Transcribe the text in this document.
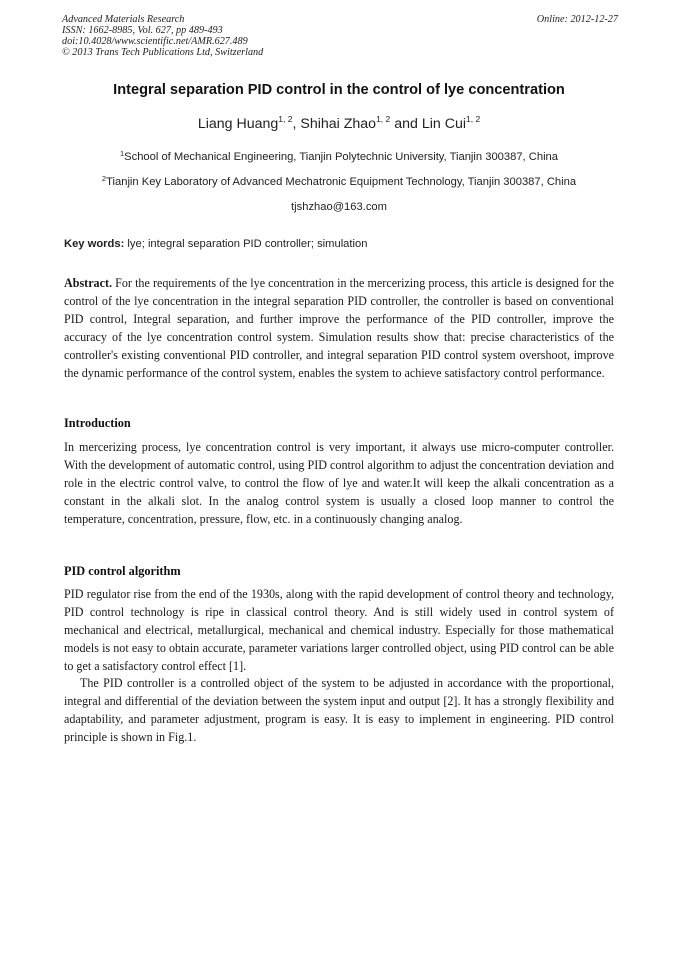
Advanced Materials Research
ISSN: 1662-8985, Vol. 627, pp 489-493
doi:10.4028/www.scientific.net/AMR.627.489
© 2013 Trans Tech Publications Ltd, Switzerland
Online: 2012-12-27
Integral separation PID control in the control of lye concentration
Liang Huang$^{1, 2}$, Shihai Zhao$^{1, 2}$ and Lin Cui$^{1, 2}$
$^1$School of Mechanical Engineering, Tianjin Polytechnic University, Tianjin 300387, China
$^2$Tianjin Key Laboratory of Advanced Mechatronic Equipment Technology, Tianjin 300387, China
tjshzhao@163.com
Key words: lye; integral separation PID controller; simulation
Abstract. For the requirements of the lye concentration in the mercerizing process, this article is designed for the control of the lye concentration in the integral separation PID controller, the controller is based on conventional PID control, Integral separation, and further improve the performance of the PID controller, improve the accuracy of the lye concentration control system. Simulation results show that: precise characteristics of the controller's existing conventional PID controller, and integral separation PID control system overshoot, improve the dynamic performance of the control system, enables the system to achieve satisfactory control performance.
Introduction
In mercerizing process, lye concentration control is very important, it always use micro-computer controller. With the development of automatic control, using PID control algorithm to adjust the concentration deviation and role in the electric control valve, to control the flow of lye and water.It will keep the alkali concentration as a constant in the alkali slot. In the analog control system is usually a closed loop manner to control the temperature, concentration, pressure, flow, etc. in a continuously changing analog.
PID control algorithm
PID regulator rise from the end of the 1930s, along with the rapid development of control theory and technology, PID control technology is ripe in classical control theory. And is still widely used in control system of mechanical and electrical, metallurgical, mechanical and chemical industry. Especially for those mathematical models is not easy to obtain accurate, parameter variations larger controlled object, using PID control can be able to get a satisfactory control effect [1].
The PID controller is a controlled object of the system to be adjusted in accordance with the proportional, integral and differential of the deviation between the system input and output [2]. It has a strongly flexibility and adaptability, and parameter adjustment, program is easy. It is easy to implement in engineering. PID control principle is shown in Fig.1.
